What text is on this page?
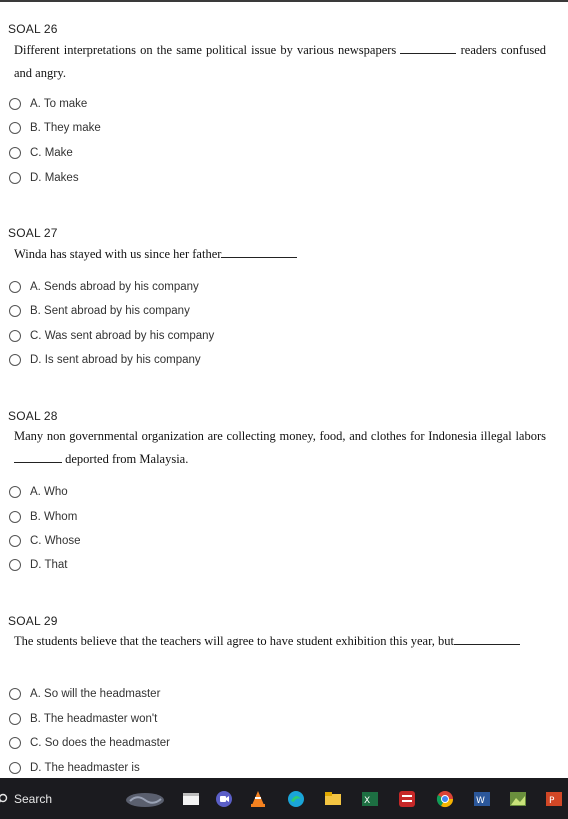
SOAL 26
Different interpretations on the same political issue by various newspapers	readers confused and angry.
A. To make
B. They make
C. Make
D. Makes
SOAL 27
Winda has stayed with us since her father
A. Sends abroad by his company
B. Sent abroad by his company
C. Was sent abroad by his company
D. Is sent abroad by his company
SOAL 28
Many non governmental organization are collecting money, food, and clothes for Indonesia illegal labors  deported from Malaysia.
A. Who
B. Whom
C. Whose
D. That
SOAL 29
The students believe that the teachers will agree to have student exhibition this year, but
A. So will the headmaster
B. The headmaster won't
C. So does the headmaster
D. The headmaster is
Search	X	W	P
